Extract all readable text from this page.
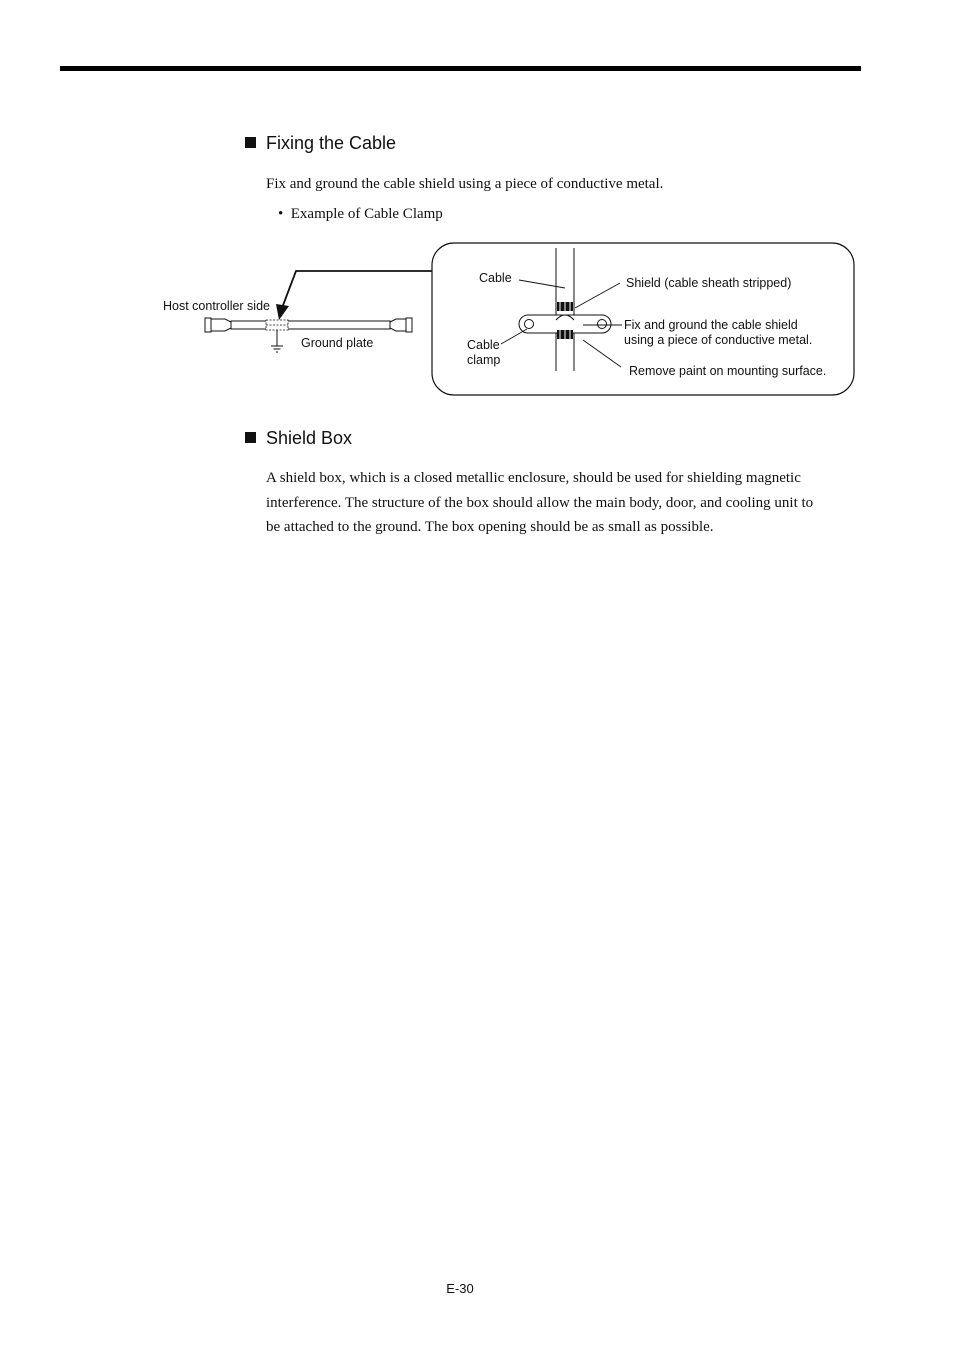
Fixing the Cable
Fix and ground the cable shield using a piece of conductive metal.
• Example of Cable Clamp
Host controller side
Ground plate
Cable	Shield (cable sheath stripped)
Fix and ground the cable shield
using a piece of conductive metal.
Cable
clamp
Remove paint on mounting surface.
Shield Box
A shield box, which is a closed metallic enclosure, should be used for shielding magnetic
interference. The structure of the box should allow the main body, door, and cooling unit to
be attached to the ground. The box opening should be as small as possible.
E-30
